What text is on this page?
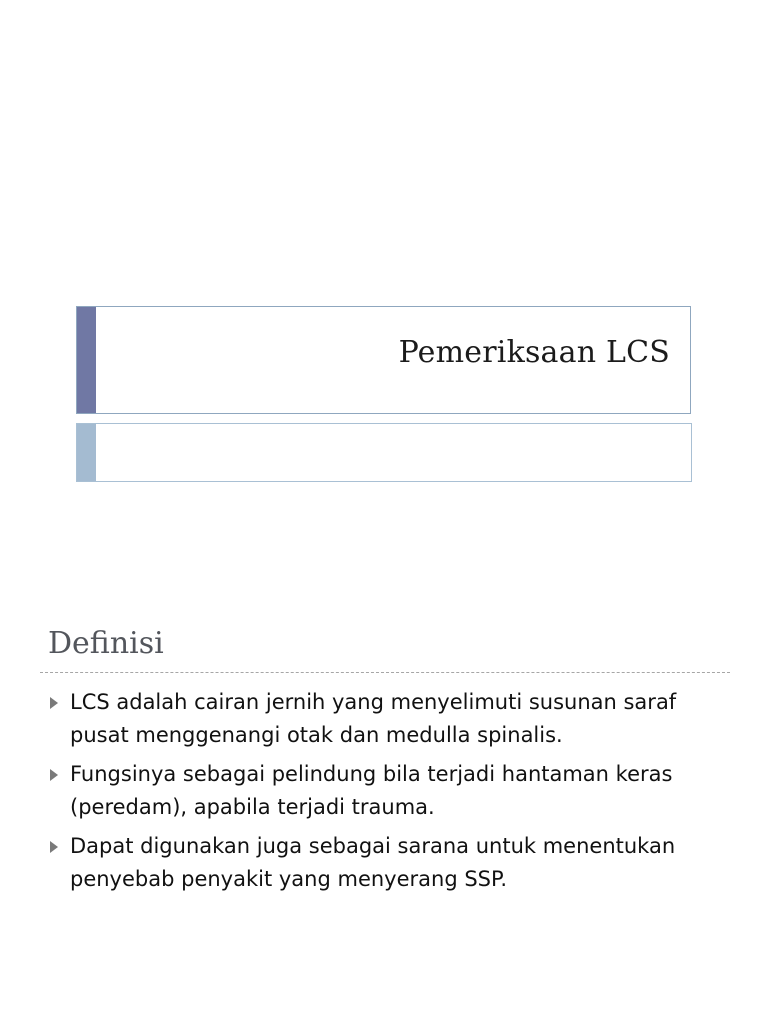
Pemeriksaan LCS
Definisi
LCS adalah cairan jernih yang menyelimuti susunan saraf pusat menggenangi otak dan medulla spinalis.
Fungsinya sebagai pelindung bila terjadi hantaman keras (peredam), apabila terjadi trauma.
Dapat digunakan juga sebagai sarana untuk menentukan penyebab penyakit yang menyerang SSP.
